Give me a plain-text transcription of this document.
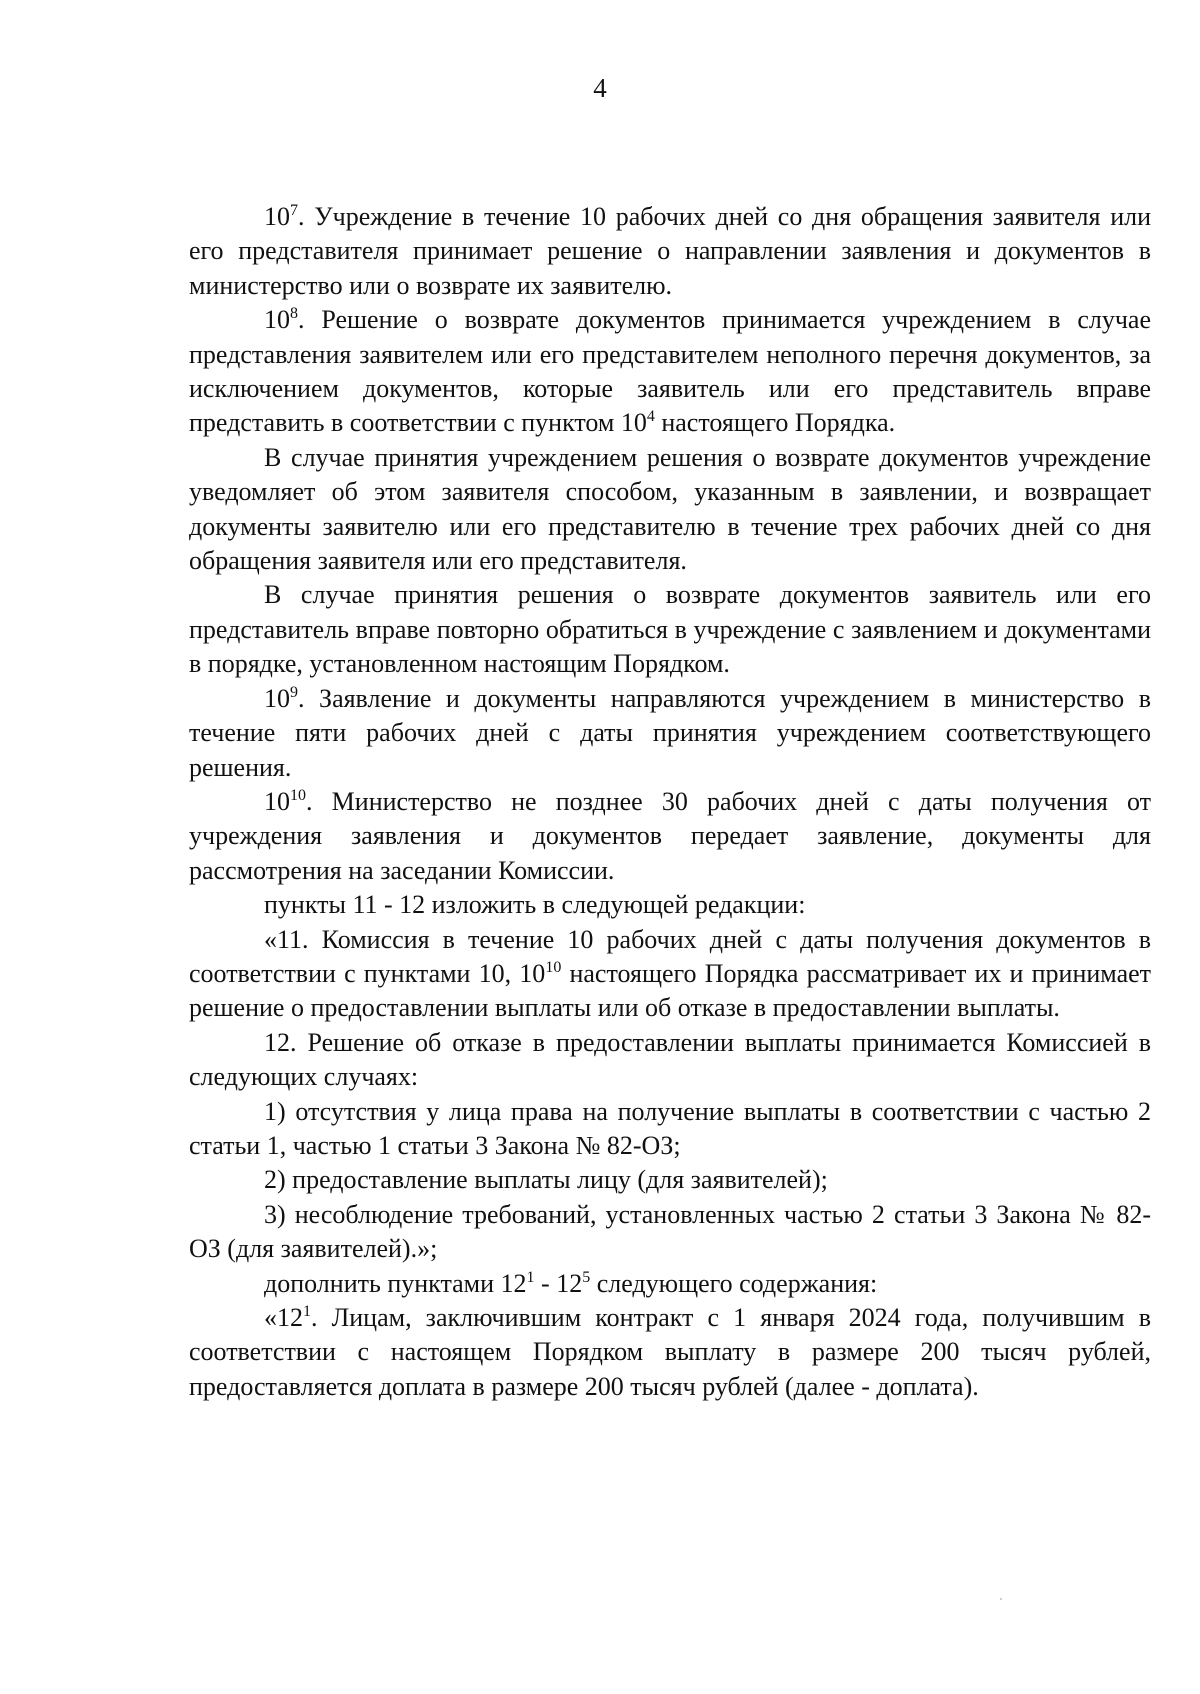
4

$10^7$. Учреждение в течение 10 рабочих дней со дня обращения заявителя или его представителя принимает решение о направлении заявления и документов в министерство или о возврате их заявителю.

$10^8$. Решение о возврате документов принимается учреждением в случае представления заявителем или его представителем неполного перечня документов, за исключением документов, которые заявитель или его представитель вправе представить в соответствии с пунктом $10^4$ настоящего Порядка.

В случае принятия учреждением решения о возврате документов учреждение уведомляет об этом заявителя способом, указанным в заявлении, и возвращает документы заявителю или его представителю в течение трех рабочих дней со дня обращения заявителя или его представителя.

В случае принятия решения о возврате документов заявитель или его представитель вправе повторно обратиться в учреждение с заявлением и документами в порядке, установленном настоящим Порядком.

$10^9$. Заявление и документы направляются учреждением в министерство в течение пяти рабочих дней с даты принятия учреждением соответствующего решения.

$10^{10}$. Министерство не позднее 30 рабочих дней с даты получения от учреждения заявления и документов передает заявление, документы для рассмотрения на заседании Комиссии.

пункты 11 - 12 изложить в следующей редакции:

«11. Комиссия в течение 10 рабочих дней с даты получения документов в соответствии с пунктами 10, $10^{10}$ настоящего Порядка рассматривает их и принимает решение о предоставлении выплаты или об отказе в предоставлении выплаты.

12. Решение об отказе в предоставлении выплаты принимается Комиссией в следующих случаях:

1) отсутствия у лица права на получение выплаты в соответствии с частью 2 статьи 1, частью 1 статьи 3 Закона № 82-ОЗ;

2) предоставление выплаты лицу (для заявителей);

3) несоблюдение требований, установленных частью 2 статьи 3 Закона № 82-ОЗ (для заявителей).»;

дополнить пунктами $12^1 - 12^5$ следующего содержания:

«$12^1$. Лицам, заключившим контракт с 1 января 2024 года, получившим в соответствии с настоящем Порядком выплату в размере 200 тысяч рублей, предоставляется доплата в размере 200 тысяч рублей (далее - доплата).
